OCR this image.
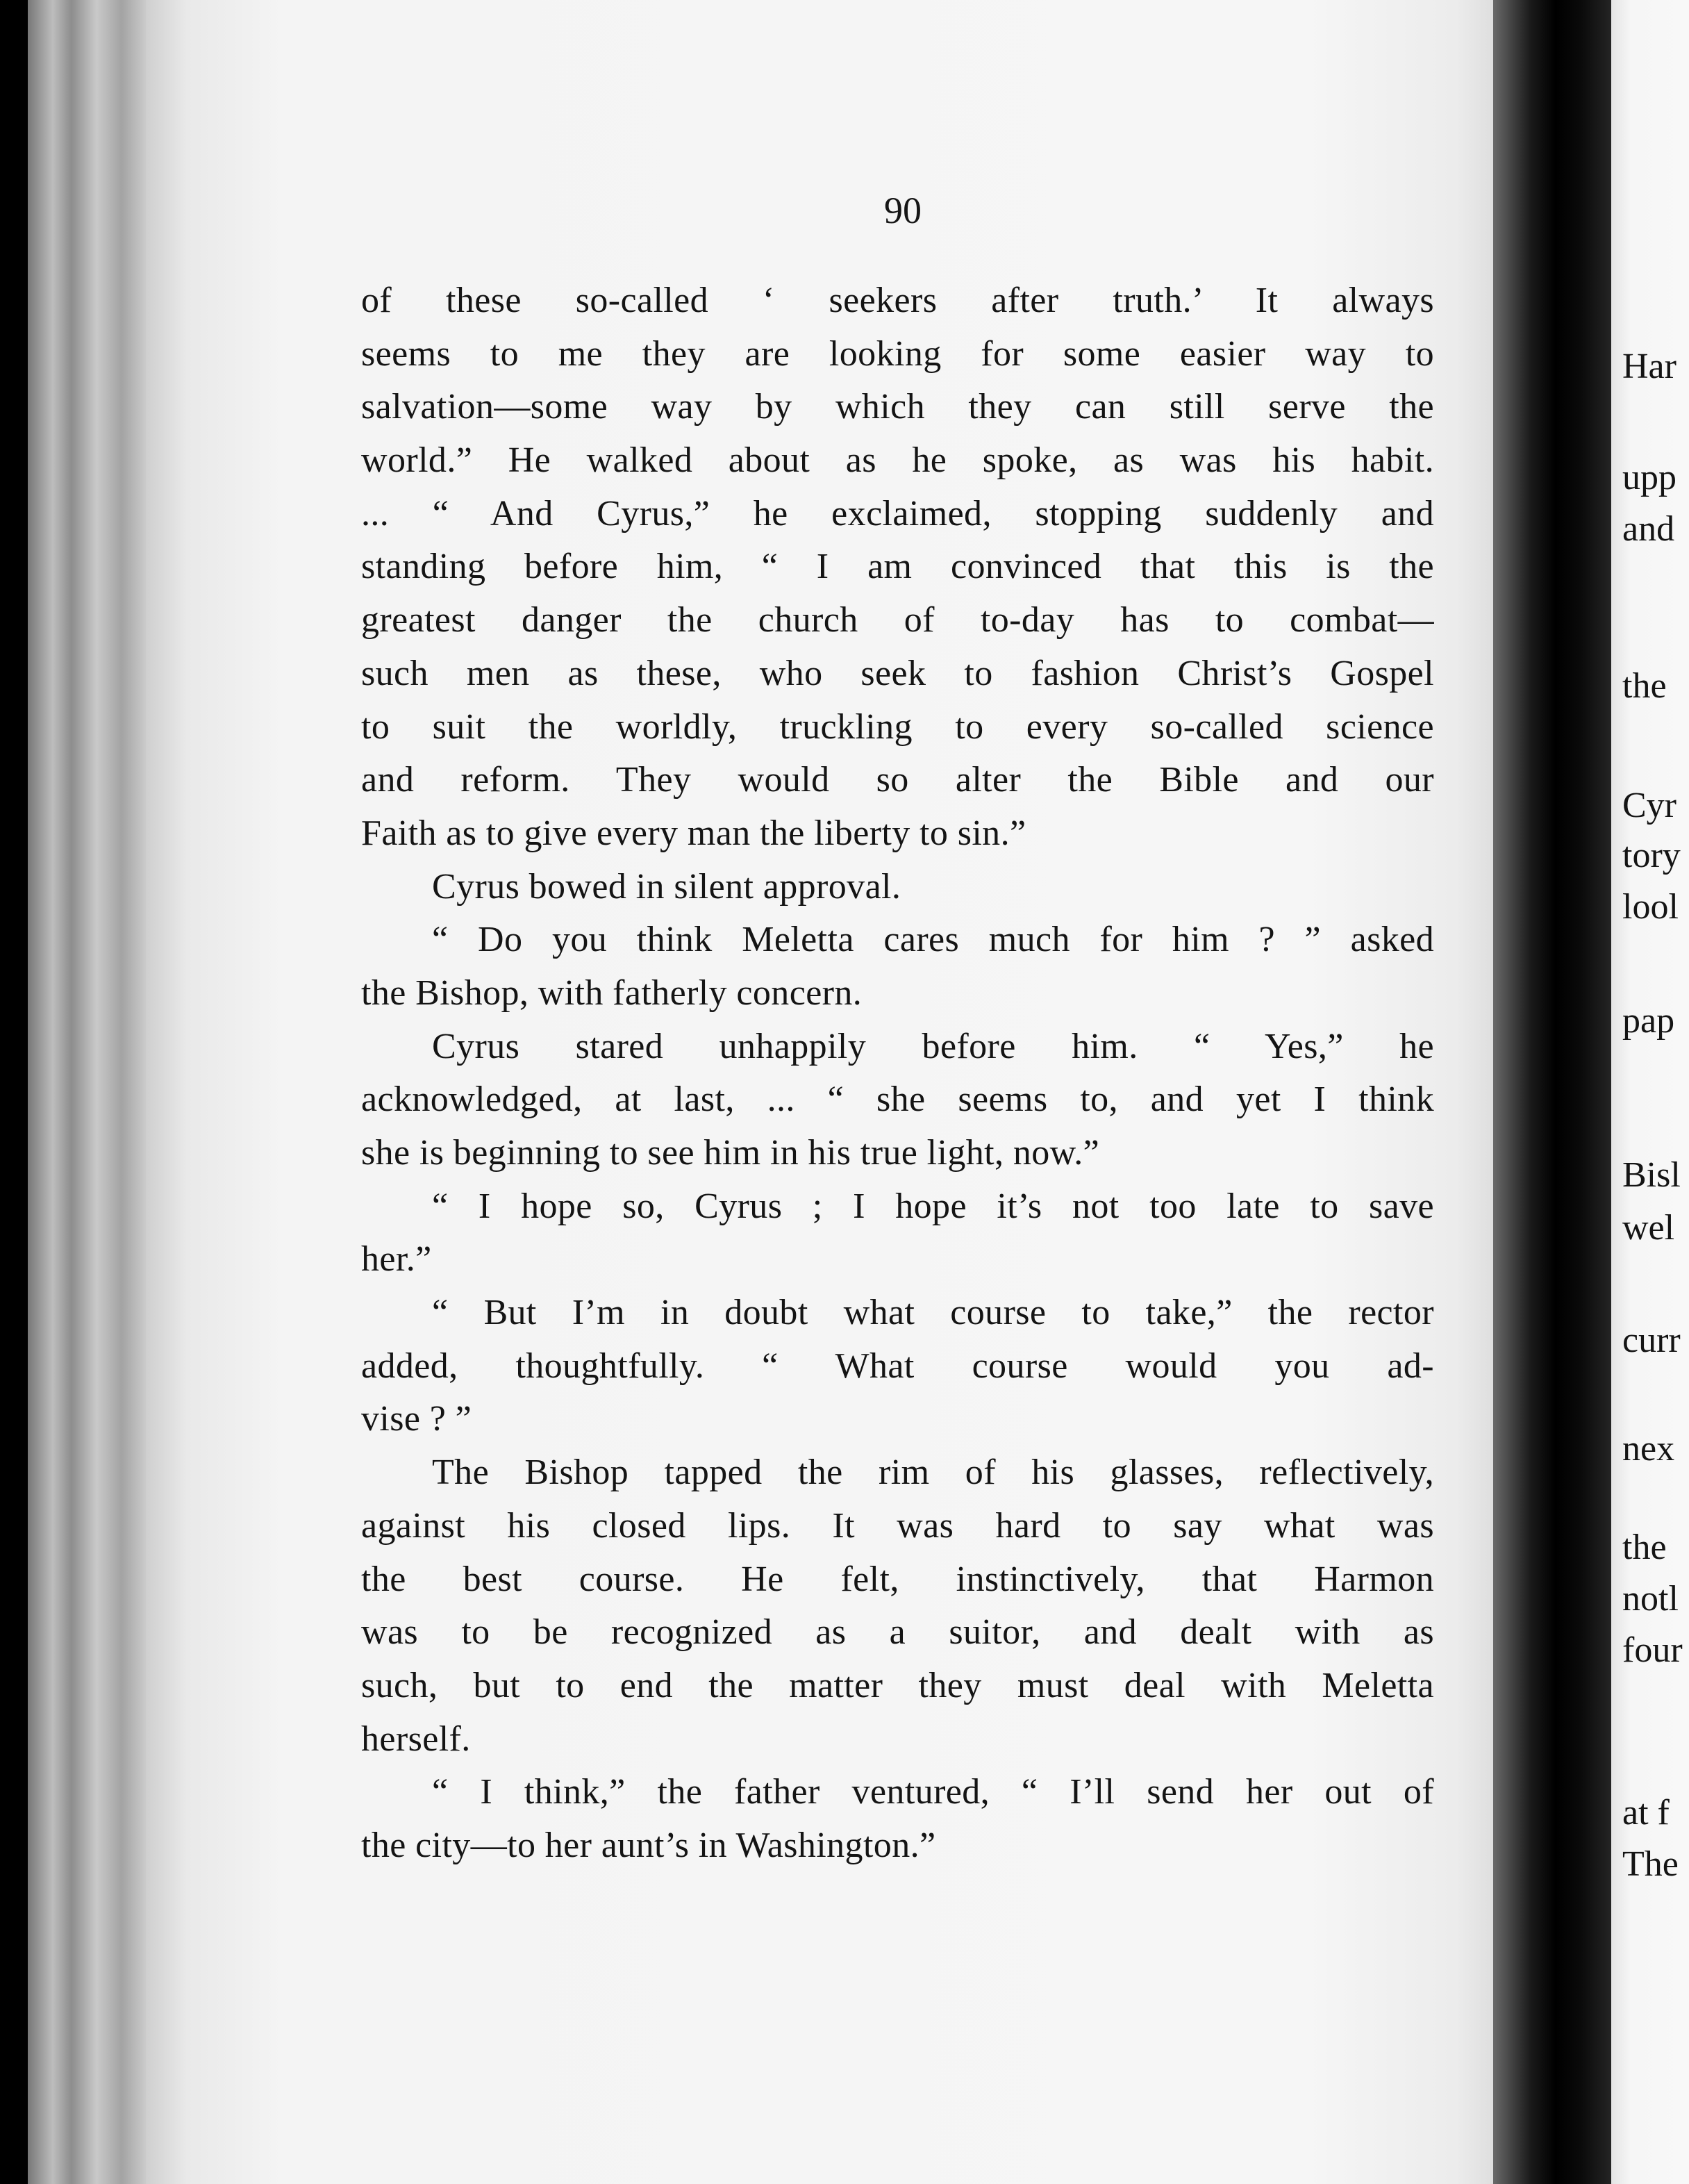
90
of these so-called ‘ seekers after truth.’ It always
seems to me they are looking for some easier way to
salvation—some way by which they can still serve the
world.” He walked about as he spoke, as was his habit.
... “ And Cyrus,” he exclaimed, stopping suddenly and
standing before him, “ I am convinced that this is the
greatest danger the church of to-day has to combat—
such men as these, who seek to fashion Christ’s Gospel
to suit the worldly, truckling to every so-called science
and reform. They would so alter the Bible and our
Faith as to give every man the liberty to sin.”
Cyrus bowed in silent approval.
“ Do you think Meletta cares much for him ? ” asked
the Bishop, with fatherly concern.
Cyrus stared unhappily before him. “ Yes,” he
acknowledged, at last, ... “ she seems to, and yet I think
she is beginning to see him in his true light, now.”
“ I hope so, Cyrus ; I hope it’s not too late to save
her.”
“ But I’m in doubt what course to take,” the rector
added, thoughtfully. “ What course would you ad-
vise ? ”
The Bishop tapped the rim of his glasses, reflectively,
against his closed lips. It was hard to say what was
the best course. He felt, instinctively, that Harmon
was to be recognized as a suitor, and dealt with as
such, but to end the matter they must deal with Meletta
herself.
“ I think,” the father ventured, “ I’ll send her out of
the city—to her aunt’s in Washington.”
Har
upp
and
the
Cyr
tory
lool
pap
Bisl
wel
curr
nex
the
notl
four
at f
The
